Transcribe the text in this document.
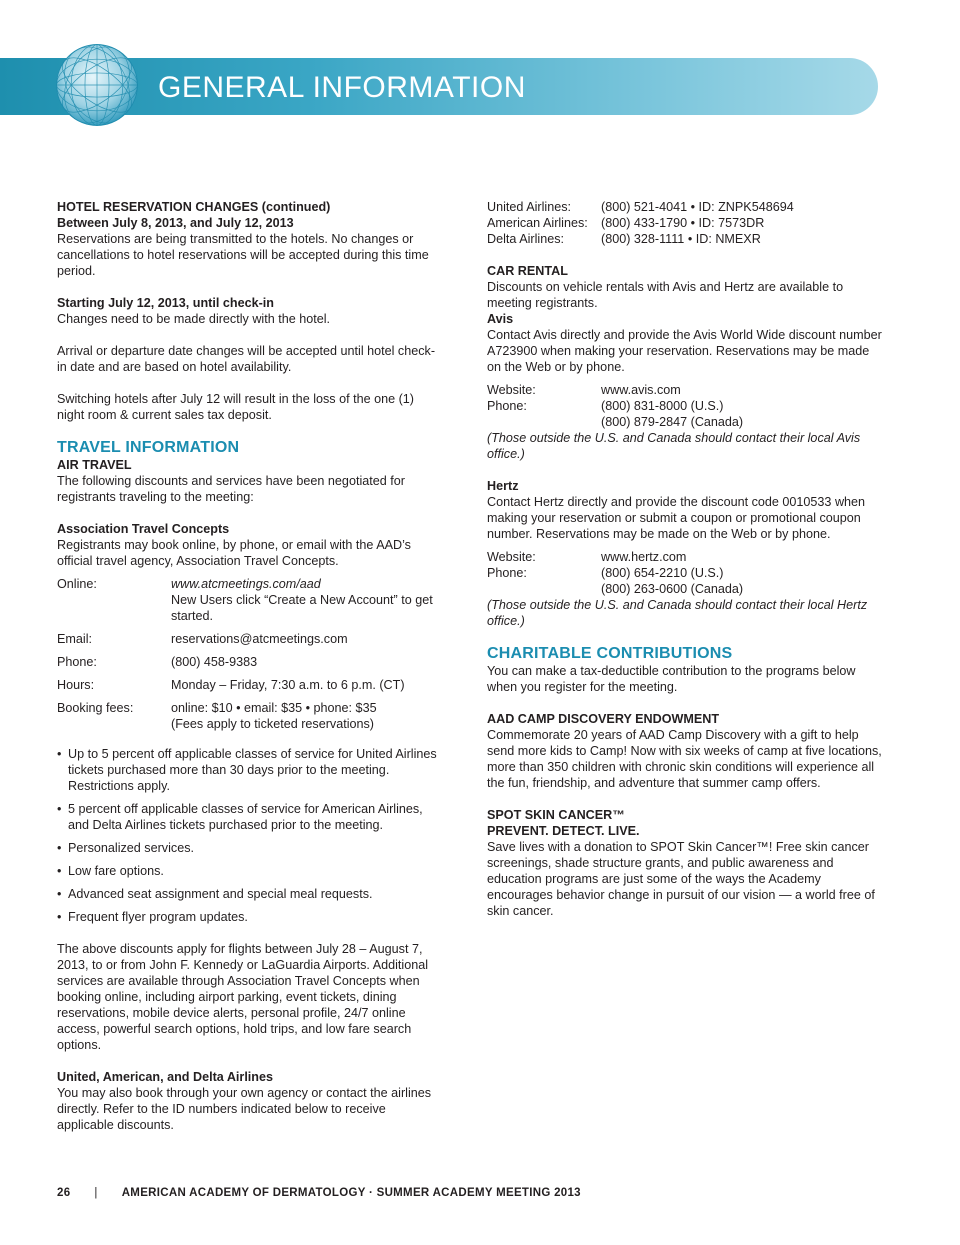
GENERAL INFORMATION

HOTEL RESERVATION CHANGES (continued)

Between July 8, 2013, and July 12, 2013

Reservations are being transmitted to the hotels. No changes or cancellations to hotel reservations will be accepted during this time period.

Starting July 12, 2013, until check-in

Changes need to be made directly with the hotel.

Arrival or departure date changes will be accepted until hotel check-in date and are based on hotel availability.

Switching hotels after July 12 will result in the loss of the one (1) night room & current sales tax deposit.

TRAVEL INFORMATION

AIR TRAVEL

The following discounts and services have been negotiated for registrants traveling to the meeting:

Association Travel Concepts

Registrants may book online, by phone, or email with the AAD’s official travel agency, Association Travel Concepts.

Online:	www.atcmeetings.com/aad
New Users click “Create a New Account” to get started.
Email:	reservations@atcmeetings.com
Phone:	(800) 458-9383
Hours:	Monday – Friday, 7:30 a.m. to 6 p.m. (CT)
Booking fees:	online: $10 • email: $35 • phone: $35
(Fees apply to ticketed reservations)
• Up to 5 percent off applicable classes of service for United Airlines tickets purchased more than 30 days prior to the meeting. Restrictions apply.
• 5 percent off applicable classes of service for American Airlines, and Delta Airlines tickets purchased prior to the meeting.
• Personalized services.
• Low fare options.
• Advanced seat assignment and special meal requests.
• Frequent flyer program updates.

The above discounts apply for flights between July 28 – August 7, 2013, to or from John F. Kennedy or LaGuardia Airports. Additional services are available through Association Travel Concepts when booking online, including airport parking, event tickets, dining reservations, mobile device alerts, personal profile, 24/7 online access, powerful search options, hold trips, and low fare search options.

United, American, and Delta Airlines

You may also book through your own agency or contact the airlines directly. Refer to the ID numbers indicated below to receive applicable discounts.

United Airlines:	(800) 521-4041 • ID: ZNPK548694
American Airlines:	(800) 433-1790 • ID: 7573DR
Delta Airlines:	(800) 328-1111 • ID: NMEXR

CAR RENTAL

Discounts on vehicle rentals with Avis and Hertz are available to meeting registrants.

Avis

Contact Avis directly and provide the Avis World Wide discount number A723900 when making your reservation. Reservations may be made on the Web or by phone.

Website:	www.avis.com
Phone:	(800) 831-8000 (U.S.)
(800) 879-2847 (Canada)

(Those outside the U.S. and Canada should contact their local Avis office.)

Hertz

Contact Hertz directly and provide the discount code 0010533 when making your reservation or submit a coupon or promotional coupon number. Reservations may be made on the Web or by phone.

Website:	www.hertz.com
Phone:	(800) 654-2210 (U.S.)
(800) 263-0600 (Canada)

(Those outside the U.S. and Canada should contact their local Hertz office.)

CHARITABLE CONTRIBUTIONS

You can make a tax-deductible contribution to the programs below when you register for the meeting.

AAD CAMP DISCOVERY ENDOWMENT

Commemorate 20 years of AAD Camp Discovery with a gift to help send more kids to Camp! Now with six weeks of camp at five locations, more than 350 children with chronic skin conditions will experience all the fun, friendship, and adventure that summer camp offers.

SPOT SKIN CANCER™

PREVENT. DETECT. LIVE.

Save lives with a donation to SPOT Skin Cancer™! Free skin cancer screenings, shade structure grants, and public awareness and education programs are just some of the ways the Academy encourages behavior change in pursuit of our vision — a world free of skin cancer.

26 | AMERICAN ACADEMY OF DERMATOLOGY · SUMMER ACADEMY MEETING 2013
